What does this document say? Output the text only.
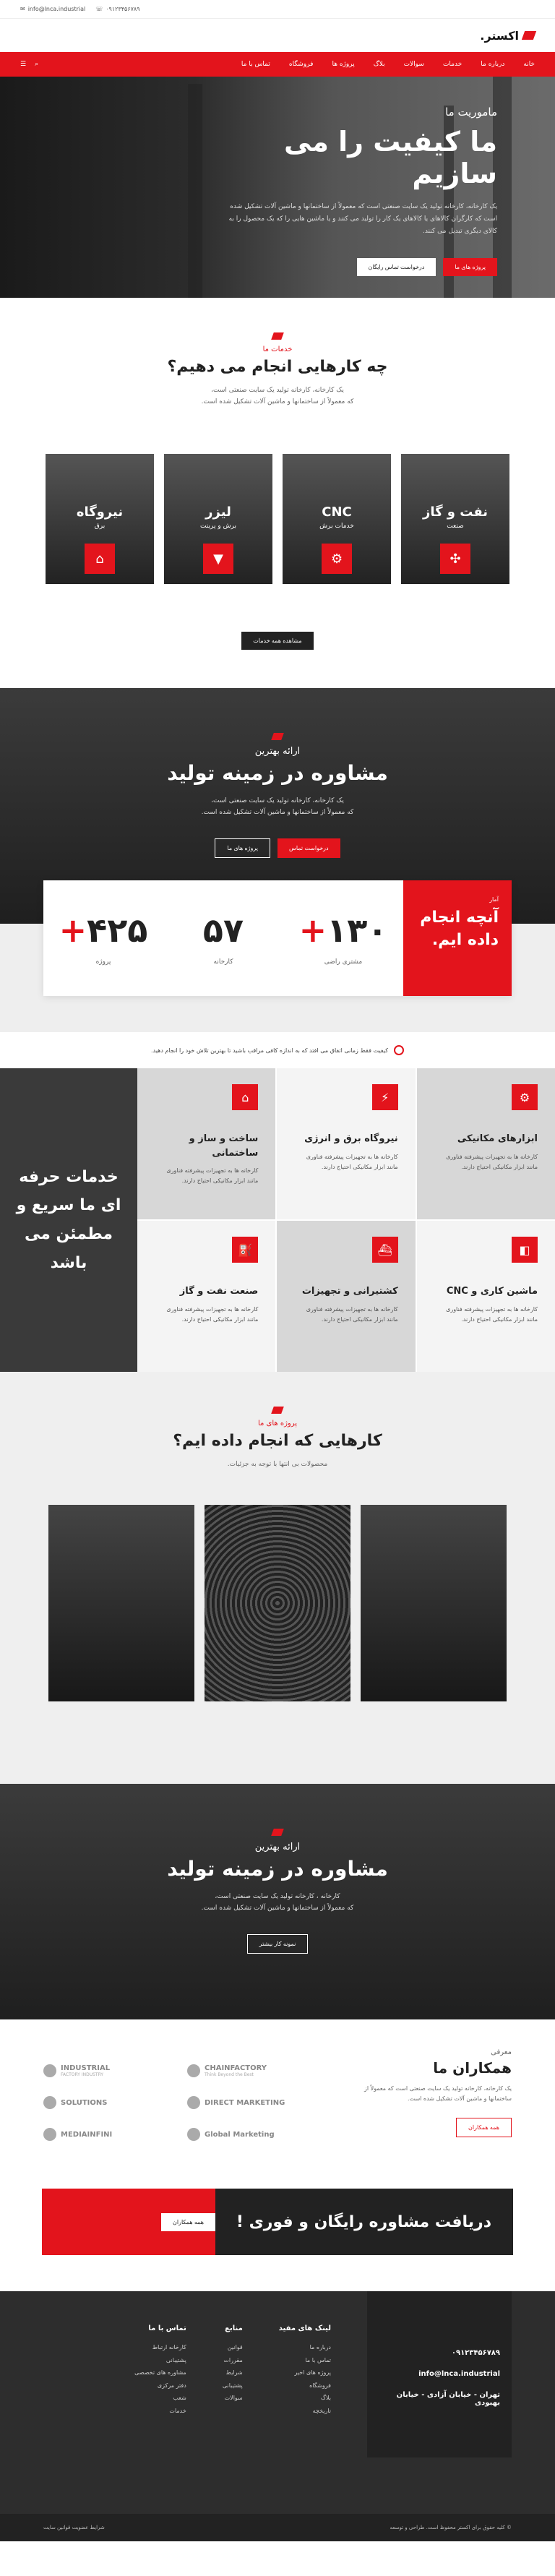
✉ info@lnca.industrial ☏ ۰۹۱۲۳۴۵۶۷۸۹
اکستر.
خانه
درباره ما
خدمات
سوالات
بلاگ
پروژه ها
فروشگاه
تماس با ما
⌕
☰
ماموریت ما
ما کیفیت را می سازیم

یک کارخانه، کارخانه تولید یک سایت صنعتی است که معمولاً از ساختمانها و ماشین آلات تشکیل شده است که کارگران کالاهای یا کالاهای یک کار را تولید می کنند و یا ماشین هایی را که یک محصول را به کالای دیگری تبدیل می کنند.

پروژه های ما
درخواست تماس رایگان
خدمات ما
چه کارهایی انجام می دهیم؟

یک کارخانه، کارخانه تولید یک سایت صنعتی است،

که معمولاً از ساختمانها و ماشین آلات تشکیل شده است.

نیروگاه
برق
⌂
لیزر
برش و پرینت
▼
CNC
خدمات برش
⚙
نفت و گاز
صنعت
✣
مشاهده همه خدمات
ارائه بهترین
مشاوره در زمینه تولید

یک کارخانه، کارخانه تولید یک سایت صنعتی است،

که معمولاً از ساختمانها و ماشین آلات تشکیل شده است.

درخواست تماس
پروژه های ما
آمار
آنچه انجام داده ایم.
+۱۳۰
مشتری راضی
۵۷
کارخانه
+۴۲۵
پروژه
کیفیت فقط زمانی اتفاق می افتد که به اندازه کافی مراقب باشید تا بهترین تلاش خود را انجام دهید.
⚙
ابزارهای مکانیکی
کارخانه ها به تجهیزات پیشرفته فناوری مانند ابزار مکانیکی احتیاج دارند.
⚡
نیروگاه برق و انرژی
کارخانه ها به تجهیزات پیشرفته فناوری مانند ابزار مکانیکی احتیاج دارند.
⌂
ساخت و ساز و ساختمانی
کارخانه ها به تجهیزات پیشرفته فناوری مانند ابزار مکانیکی احتیاج دارند.
◧
ماشین کاری و CNC
کارخانه ها به تجهیزات پیشرفته فناوری مانند ابزار مکانیکی احتیاج دارند.
⛴
کشتیرانی و تجهیزات
کارخانه ها به تجهیزات پیشرفته فناوری مانند ابزار مکانیکی احتیاج دارند.
⛽
صنعت نفت و گاز
کارخانه ها به تجهیزات پیشرفته فناوری مانند ابزار مکانیکی احتیاج دارند.
خدمات حرفه ای ما سریع و مطمئن می باشد
پروژه های ما
کارهایی که انجام داده ایم؟

محصولات بی انتها با توجه به جزئیات.

ارائه بهترین
مشاوره در زمینه تولید

کارخانه ، کارخانه تولید یک سایت صنعتی است،

که معمولاً از ساختمانها و ماشین آلات تشکیل شده است.

نمونه کار بیشتر
معرفی
همکاران ما

یک کارخانه، کارخانه تولید یک سایت صنعتی است که معمولاً از ساختمانها و ماشین آلات تشکیل شده است.

همه همکاران
INDUSTRIAL
FACTORY INDUSTRY
CHAINFACTORY
Think Beyond the Best
SOLUTIONS	DIRECT MARKETING
MEDIAINFINI	Global Marketing
دریافت مشاوره رایگان و فوری !
همه همکاران
۰۹۱۲۳۴۵۶۷۸۹
info@lnca.industrial
تهران - خیابان آزادی - خیابان بهبودی
لینک های مفید
درباره ما
تماس با ما
پروژه های اخیر
فروشگاه
بلاگ
تاریخچه
منابع
قوانین
مقررات
شرایط
پشتیبانی
سوالات
تماس با ما
کارخانه ارتباط
پشتیبانی
مشاوره های تخصصی
دفتر مرکزی
شعب
خدمات
© کلیه حقوق برای اکستر محفوظ است. طراحی و توسعه
شرایط عضویت قوانین سایت
